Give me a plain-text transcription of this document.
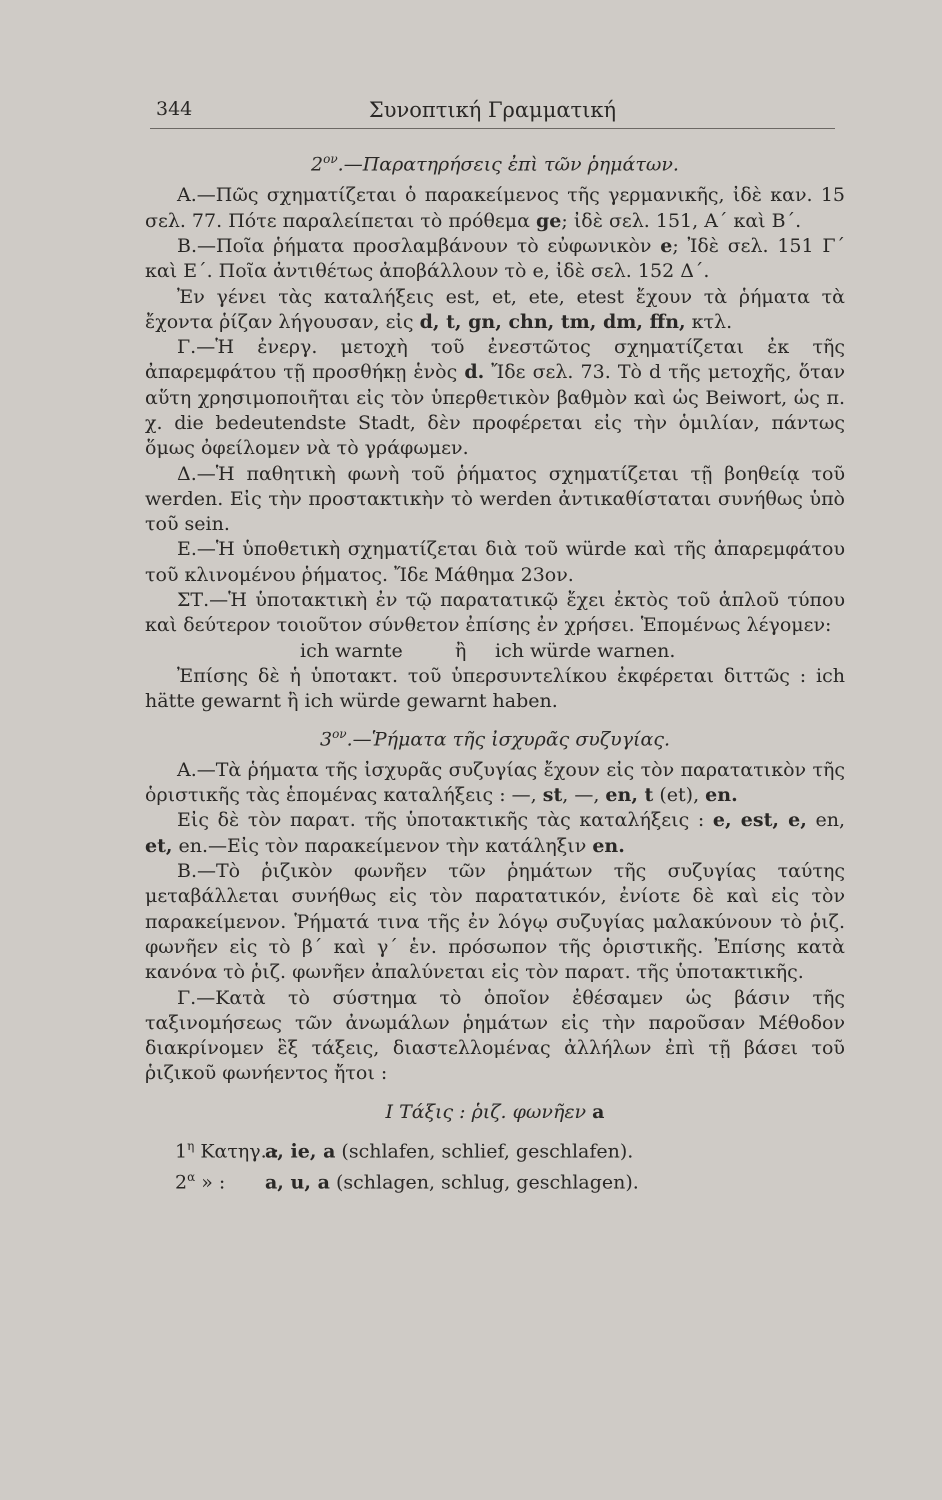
344	Συνοπτική Γραμματική
$2^{o\nu}.—\Pi\alpha\rho\alpha\tau\eta\rho ή\sigma\varepsilon\iota\varsigma$ ἐπὶ τῶν ῥημάτων.

Α.—Πῶς σχηματίζεται ὁ παρακείμενος τῆς γερμανικῆς, ἰδὲ καν. 15 σελ. 77. Πότε παραλείπεται τὸ πρόθεμα ge; ἰδὲ σελ. 151, Α΄ καὶ Β΄.

Β.—Ποῖα ῥήματα προσλαμβάνουν τὸ εὐφωνικὸν e; Ἰδὲ σελ. 151 Γ΄ καὶ Ε΄. Ποῖα ἀντιθέτως ἀποβάλλουν τὸ e, ἰδὲ σελ. 152 Δ΄.

Ἐν γένει τὰς καταλήξεις est, et, ete, etest ἔχουν τὰ ῥήματα τὰ ἔχοντα ῥίζαν λήγουσαν, εἰς d, t, gn, chn, tm, dm, ffn, κτλ.

Γ.—Ἡ ἐνεργ. μετοχὴ τοῦ ἐνεστῶτος σχηματίζεται ἐκ τῆς ἀπαρεμφάτου τῇ προσθήκῃ ἑνὸς d. Ἴδε σελ. 73. Τὸ d τῆς μετοχῆς, ὅταν αὕτη χρησιμοποιῆται εἰς τὸν ὑπερθετικὸν βαθμὸν καὶ ὡς Beiwort, ὡς π. χ. die bedeutendste Stadt, δὲν προφέρεται εἰς τὴν ὁμιλίαν, πάντως ὅμως ὀφείλομεν νὰ τὸ γράφωμεν.

Δ.—Ἡ παθητικὴ φωνὴ τοῦ ῥήματος σχηματίζεται τῇ βοηθείᾳ τοῦ werden. Εἰς τὴν προστακτικὴν τὸ werden ἀντικαθίσταται συνήθως ὑπὸ τοῦ sein.

Ε.—Ἡ ὑποθετικὴ σχηματίζεται διὰ τοῦ würde καὶ τῆς ἀπαρεμφάτου τοῦ κλινομένου ῥήματος. Ἴδε Μάθημα 23ον.

ΣΤ.—Ἡ ὑποτακτικὴ ἐν τῷ παρατατικῷ ἔχει ἐκτὸς τοῦ ἁπλοῦ τύπου καὶ δεύτερον τοιοῦτον σύνθετον ἐπίσης ἐν χρήσει. Ἑπομένως λέγομεν:

ich warnte	ἢ ich würde warnen.

Ἐπίσης δὲ ἡ ὑποτακτ. τοῦ ὑπερσυντελίκου ἐκφέρεται διττῶς : ich hätte gewarnt ἢ ich würde gewarnt haben.

$3^{o\nu}.—Ῥή\mu\alpha\tau\alpha$ τῆς ἰσχυρᾶς συζυγίας.

Α.—Τὰ ῥήματα τῆς ἰσχυρᾶς συζυγίας ἔχουν εἰς τὸν παρατατικὸν τῆς ὁριστικῆς τὰς ἑπομένας καταλήξεις : —, st, —, en, t (et), en.

Εἰς δὲ τὸν παρατ. τῆς ὑποτακτικῆς τὰς καταλήξεις : e, est, e, en, et, en.—Εἰς τὸν παρακείμενον τὴν κατάληξιν en.

Β.—Τὸ ῥιζικὸν φωνῆεν τῶν ῥημάτων τῆς συζυγίας ταύτης μεταβάλλεται συνήθως εἰς τὸν παρατατικόν, ἐνίοτε δὲ καὶ εἰς τὸν παρακείμενον. Ῥήματά τινα τῆς ἐν λόγῳ συζυγίας μαλακύνουν τὸ ῥιζ. φωνῆεν εἰς τὸ β΄ καὶ γ΄ ἑν. πρόσωπον τῆς ὁριστικῆς. Ἐπίσης κατὰ κανόνα τὸ ῥιζ. φωνῆεν ἀπαλύνεται εἰς τὸν παρατ. τῆς ὑποτακτικῆς.

Γ.—Κατὰ τὸ σύστημα τὸ ὁποῖον ἐθέσαμεν ὡς βάσιν τῆς ταξινομήσεως τῶν ἀνωμάλων ῥημάτων εἰς τὴν παροῦσαν Μέθοδον διακρίνομεν ἓξ τάξεις, διαστελλομένας ἀλλήλων ἐπὶ τῇ βάσει τοῦ ῥιζικοῦ φωνήεντος ἤτοι :

Ι Τάξις : ῥιζ. φωνῆεν a
$1^\eta$ Κατηγ. :a, ie, a (schlafen, schlief, geschlafen).
$2^\alpha$ » : a, u, a (schlagen, schlug, geschlagen).
